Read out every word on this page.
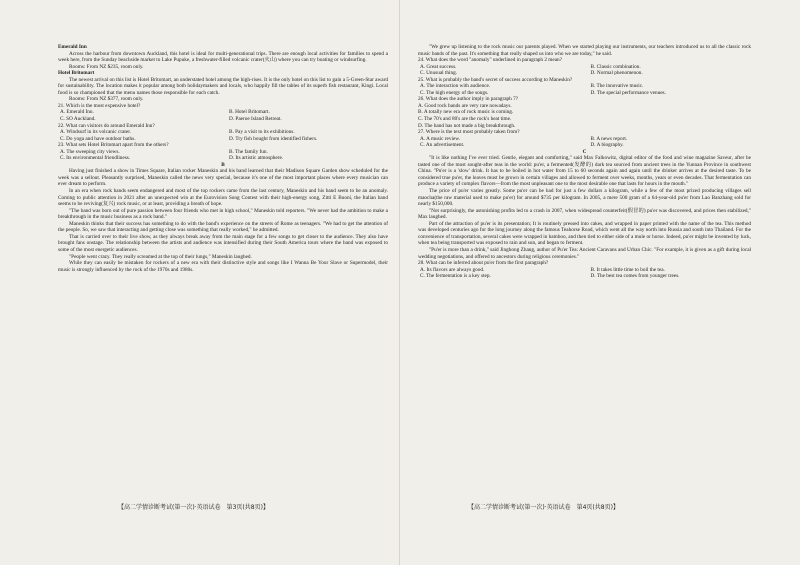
Emerald Inn

Across the harbour from downtown Auckland, this hotel is ideal for multi-generational trips. There are enough local activities for families to spend a week here, from the Sunday beachside market to Lake Pupuke, a freshwater-filled volcanic crater(火山) where you can try boating or windsurfing.

Rooms: From NZ $235, room only.

Hotel Britomart

The newest arrival on this list is Hotel Britomart, an understated hotel among the high-rises. It is the only hotel on this list to gain a 5-Green-Star award for sustainability. The location makes it popular among both holidaymakers and locals, who happily fill the tables of its superb fish restaurant, Kingi. Local food is so championed that the menu names those responsible for each catch.

Rooms: From NZ $377, room only.

21. Which is the most expensive hotel?

A. Emerald Inn.	B. Hotel Britomart.
C. SO Auckland.	D. Paeroe Island Retreat.

22. What can visitors do around Emerald Inn?

A. Windsurf in its volcanic crater.	B. Pay a visit to its exhibitions.
C. Do yoga and have outdoor baths.	D. Try fish bought from identified fishers.

23. What sets Hotel Britomart apart from the others?

A. The sweeping city views.	B. The family fun.
C. Its environmental friendliness.	D. Its artistic atmosphere.

B

Having just finished a show in Times Square, Italian rocker Maneskin and his band learned that their Madison Square Garden show scheduled for the week was a sellout. Pleasantly surprised, Maneskin called the news very special, because it's one of the most important places where every musician can ever dream to perform.

In an era when rock bands seem endangered and most of the top rockers came from the last century, Maneskin and his band seem to be an anomaly. Coming to public attention in 2021 after an unexpected win at the Eurovision Song Contest with their high-energy song, Zitti E Buoni, the Italian band seems to be reviving(复兴) rock music, or at least, providing a breath of hope.

"The band was born out of pure passion between four friends who met in high school," Maneskin told reporters. "We never had the ambition to make a breakthrough in the music business as a rock band."

Maneskin thinks that their success has something to do with the band's experience on the streets of Rome as teenagers. "We had to get the attention of the people. So, we saw that interacting and getting close was something that really worked," he admitted.

That is carried over to their live show, as they always break away from the main stage for a few songs to get closer to the audience. They also have brought fans onstage. The relationship between the artists and audience was intensified during their South America tours where the band was exposed to some of the most energetic audiences.

"People went crazy. They really screamed at the top of their lungs," Maneskin laughed.

While they can easily be mistaken for rockers of a new era with their distinctive style and songs like I Wanna Be Your Slave or Supermodel, their music is strongly influenced by the rock of the 1970s and 1980s.

【高二学情诊断考试(第一次)·英语试卷　第3页(共8页)】

"We grew up listening to the rock music our parents played. When we started playing our instruments, our teachers introduced us to all the classic rock music bands of the past. It's something that really shaped us into who we are today," he said.

24. What does the word "anomaly" underlined in paragraph 2 mean?

A. Great success.	B. Classic combination.
C. Unusual thing.	D. Normal phenomenon.

25. What is probably the band's secret of success according to Maneskin?

A. The interaction with audience.	B. The innovative music.
C. The high energy of the songs.	D. The special performance venues.

26. What does the author imply in paragraph 7?

A. Good rock bands are very rare nowadays.

B. A totally new era of rock music is coming.

C. The 70's and 80's are the rock's heat time.

D. The band has not made a big breakthrough.

27. Where is the text most probably taken from?

A. A music review.	B. A news report.
C. An advertisement.	D. A biography.

C

"It is like nothing I've ever tried. Gentle, elegant and comforting," said Max Falkowitz, digital editor of the food and wine magazine Saveur, after he tasted one of the most sought-after teas in the world: pu'er, a fermented(发酵的) dark tea sourced from ancient trees in the Yunnan Province in southwest China. "Pu'er is a 'slow' drink. It has to be boiled in hot water from 15 to 60 seconds again and again until the drinker arrives at the desired taste. To be considered true pu'er, the leaves must be grown in certain villages and allowed to ferment over weeks, months, years or even decades. That fermentation can produce a variety of complex flavors—from the most unpleasant one to the most desirable one that lasts for hours in the mouth."

The price of pu'er varies greatly. Some pu'er can be had for just a few dollars a kilogram, while a few of the most prized producing villages sell maocha(the raw material used to make pu'er) for around $735 per kilogram. In 2005, a mere 500 gram of a 64-year-old pu'er from Lao Banzhang sold for nearly $150,000.

"Not surprisingly, the astonishing profits led to a crash in 2007, when widespread counterfeit(假冒的) pu'er was discovered, and prices then stabilized," Max laughed.

Part of the attraction of pu'er is its presentation; It is routinely pressed into cakes, and wrapped in paper printed with the name of the tea. This method was developed centuries ago for the long journey along the famous Teahorse Road, which went all the way north into Russia and south into Thailand. For the convenience of transportation, several cakes were wrapped in bamboo, and then tied to either side of a mule or horse. Indeed, pu'er might be invented by luck, when tea being transported was exposed to rain and sun, and began to ferment.

"Pu'er is more than a drink," said Jinghong Zhang, author of Pu'er Tea: Ancient Caravans and Urban Chic. "For example, it is given as a gift during local wedding negotiations, and offered to ancestors during religious ceremonies."

28. What can be inferred about pu'er from the first paragraph?

A. Its flavors are always good.	B. It takes little time to boil the tea.
C. The fermentation is a key step.	D. The best tea comes from younger trees.
【高二学情诊断考试(第一次)·英语试卷　第4页(共8页)】
